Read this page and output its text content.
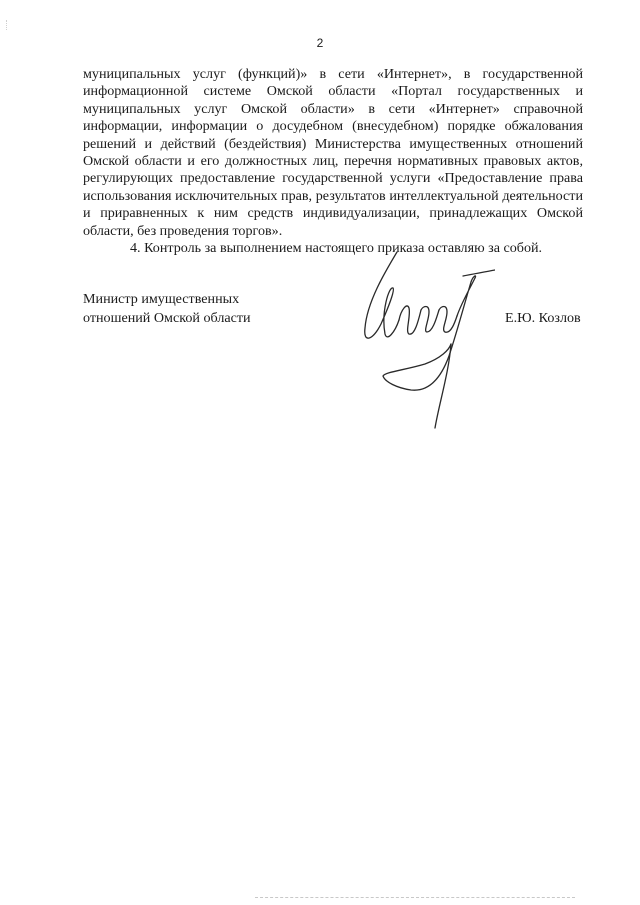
2

муниципальных услуг (функций)» в сети «Интернет», в государственной информационной системе Омской области «Портал государственных и муниципальных услуг Омской области» в сети «Интернет» справочной информации, информации о досудебном (внесудебном) порядке обжалования решений и действий (бездействия) Министерства имущественных отношений Омской области и его должностных лиц, перечня нормативных правовых актов, регулирующих предоставление государственной услуги «Предоставление права использования исключительных прав, результатов интеллектуальной деятельности и приравненных к ним средств индивидуализации, принадлежащих Омской области, без проведения торгов».

4. Контроль за выполнением настоящего приказа оставляю за собой.

Министр имущественных
отношений Омской области	Е.Ю. Козлов
